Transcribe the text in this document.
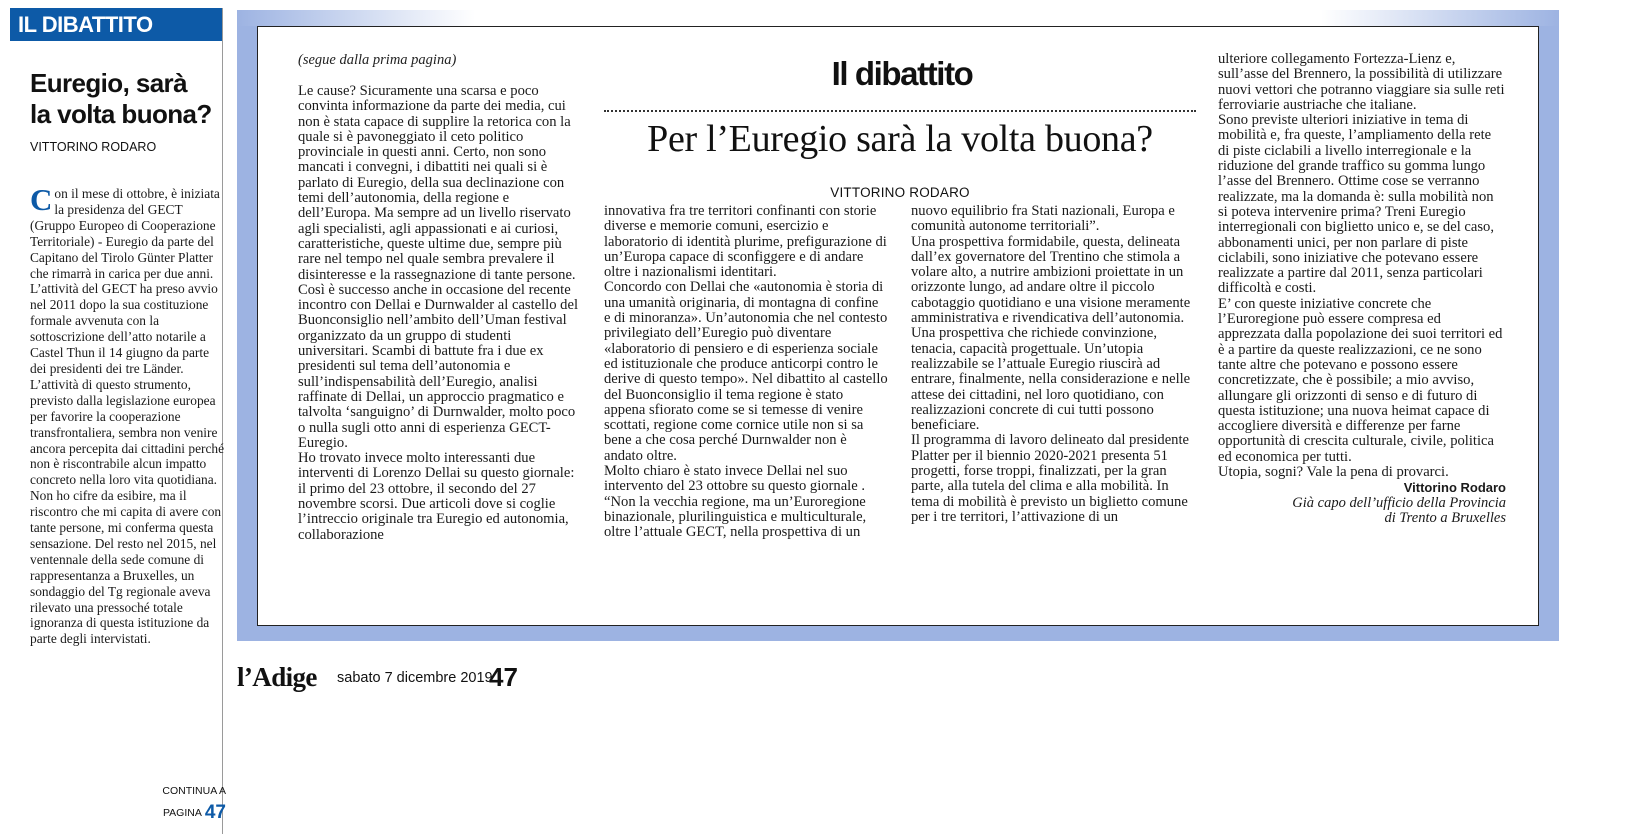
IL DIBATTITO
Euregio, sarà
la volta buona?
VITTORINO RODARO
Con il mese di ottobre, è iniziata la presidenza del GECT (Gruppo Europeo di Cooperazione Territoriale) - Euregio da parte del Capitano del Tirolo Günter Platter che rimarrà in carica per due anni. L’attività del GECT ha preso avvio nel 2011 dopo la sua costituzione formale avvenuta con la sottoscrizione dell’atto notarile a Castel Thun il 14 giugno da parte dei presidenti dei tre Länder. L’attività di questo strumento, previsto dalla legislazione europea per favorire la cooperazione transfrontaliera, sembra non venire ancora percepita dai cittadini perché non è riscontrabile alcun impatto concreto nella loro vita quotidiana. Non ho cifre da esibire, ma il riscontro che mi capita di avere con tante persone, mi conferma questa sensazione. Del resto nel 2015, nel ventennale della sede comune di rappresentanza a Bruxelles, un sondaggio del Tg regionale aveva rilevato una pressoché totale ignoranza di questa istituzione da parte degli intervistati.
CONTINUA A PAGINA 47
(segue dalla prima pagina)	Il dibattito
Per l’Euregio sarà la volta buona?
VITTORINO RODARO

Le cause? Sicuramente una scarsa e poco convinta informazione da parte dei media, cui non è stata capace di supplire la retorica con la quale si è pavoneggiato il ceto politico provinciale in questi anni. Certo, non sono mancati i convegni, i dibattiti nei quali si è parlato di Euregio, della sua declinazione con temi dell’autonomia, della regione e dell’Europa. Ma sempre ad un livello riservato agli specialisti, agli appassionati e ai curiosi, caratteristiche, queste ultime due, sempre più rare nel tempo nel quale sembra prevalere il disinteresse e la rassegnazione di tante persone.

Così è successo anche in occasione del recente incontro con Dellai e Durnwalder al castello del Buonconsiglio nell’ambito dell’Uman festival organizzato da un gruppo di studenti universitari. Scambi di battute fra i due ex presidenti sul tema dell’autonomia e sull’indispensabilità dell’Euregio, analisi raffinate di Dellai, un approccio pragmatico e talvolta ‘sanguigno’ di Durnwalder, molto poco o nulla sugli otto anni di esperienza GECT-Euregio.

Ho trovato invece molto interessanti due interventi di Lorenzo Dellai su questo giornale: il primo del 23 ottobre, il secondo del 27 novembre scorsi. Due articoli dove si coglie l’intreccio originale tra Euregio ed autonomia, collaborazione

innovativa fra tre territori confinanti con storie diverse e memorie comuni, esercizio e laboratorio di identità plurime, prefigurazione di un’Europa capace di sconfiggere e di andare oltre i nazionalismi identitari.

Concordo con Dellai che «autonomia è storia di una umanità originaria, di montagna di confine e di minoranza». Un’autonomia che nel contesto privilegiato dell’Euregio può diventare «laboratorio di pensiero e di esperienza sociale ed istituzionale che produce anticorpi contro le derive di questo tempo». Nel dibattito al castello del Buonconsiglio il tema regione è stato appena sfiorato come se si temesse di venire scottati, regione come cornice utile non si sa bene a che cosa perché Durnwalder non è andato oltre.

Molto chiaro è stato invece Dellai nel suo intervento del 23 ottobre su questo giornale . “Non la vecchia regione, ma un’Euroregione binazionale, plurilinguistica e multiculturale, oltre l’attuale GECT, nella prospettiva di un

nuovo equilibrio fra Stati nazionali, Europa e comunità autonome territoriali”.

Una prospettiva formidabile, questa, delineata dall’ex governatore del Trentino che stimola a volare alto, a nutrire ambizioni proiettate in un orizzonte lungo, ad andare oltre il piccolo cabotaggio quotidiano e una visione meramente amministrativa e rivendicativa dell’autonomia.

Una prospettiva che richiede convinzione, tenacia, capacità progettuale. Un’utopia realizzabile se l’attuale Euregio riuscirà ad entrare, finalmente, nella considerazione e nelle attese dei cittadini, nel loro quotidiano, con realizzazioni concrete di cui tutti possono beneficiare.

Il programma di lavoro delineato dal presidente Platter per il biennio 2020-2021 presenta 51 progetti, forse troppi, finalizzati, per la gran parte, alla tutela del clima e alla mobilità. In tema di mobilità è previsto un biglietto comune per i tre territori, l’attivazione di un

ulteriore collegamento Fortezza-Lienz e, sull’asse del Brennero, la possibilità di utilizzare nuovi vettori che potranno viaggiare sia sulle reti ferroviarie austriache che italiane.

Sono previste ulteriori iniziative in tema di mobilità e, fra queste, l’ampliamento della rete di piste ciclabili a livello interregionale e la riduzione del grande traffico su gomma lungo l’asse del Brennero. Ottime cose se verranno realizzate, ma la domanda è: sulla mobilità non si poteva intervenire prima? Treni Euregio interregionali con biglietto unico e, se del caso, abbonamenti unici, per non parlare di piste ciclabili, sono iniziative che potevano essere realizzate a partire dal 2011, senza particolari difficoltà e costi.

E’ con queste iniziative concrete che l’Euroregione può essere compresa ed apprezzata dalla popolazione dei suoi territori ed è a partire da queste realizzazioni, ce ne sono tante altre che potevano e possono essere concretizzate, che è possibile; a mio avviso, allungare gli orizzonti di senso e di futuro di questa istituzione; una nuova heimat capace di accogliere diversità e differenze per farne opportunità di crescita culturale, civile, politica ed economica per tutti.

Utopia, sogni? Vale la pena di provarci.

Vittorino Rodaro

Già capo dell’ufficio della Provincia
di Trento a Bruxelles
l’Adige sabato 7 dicembre 2019
47
